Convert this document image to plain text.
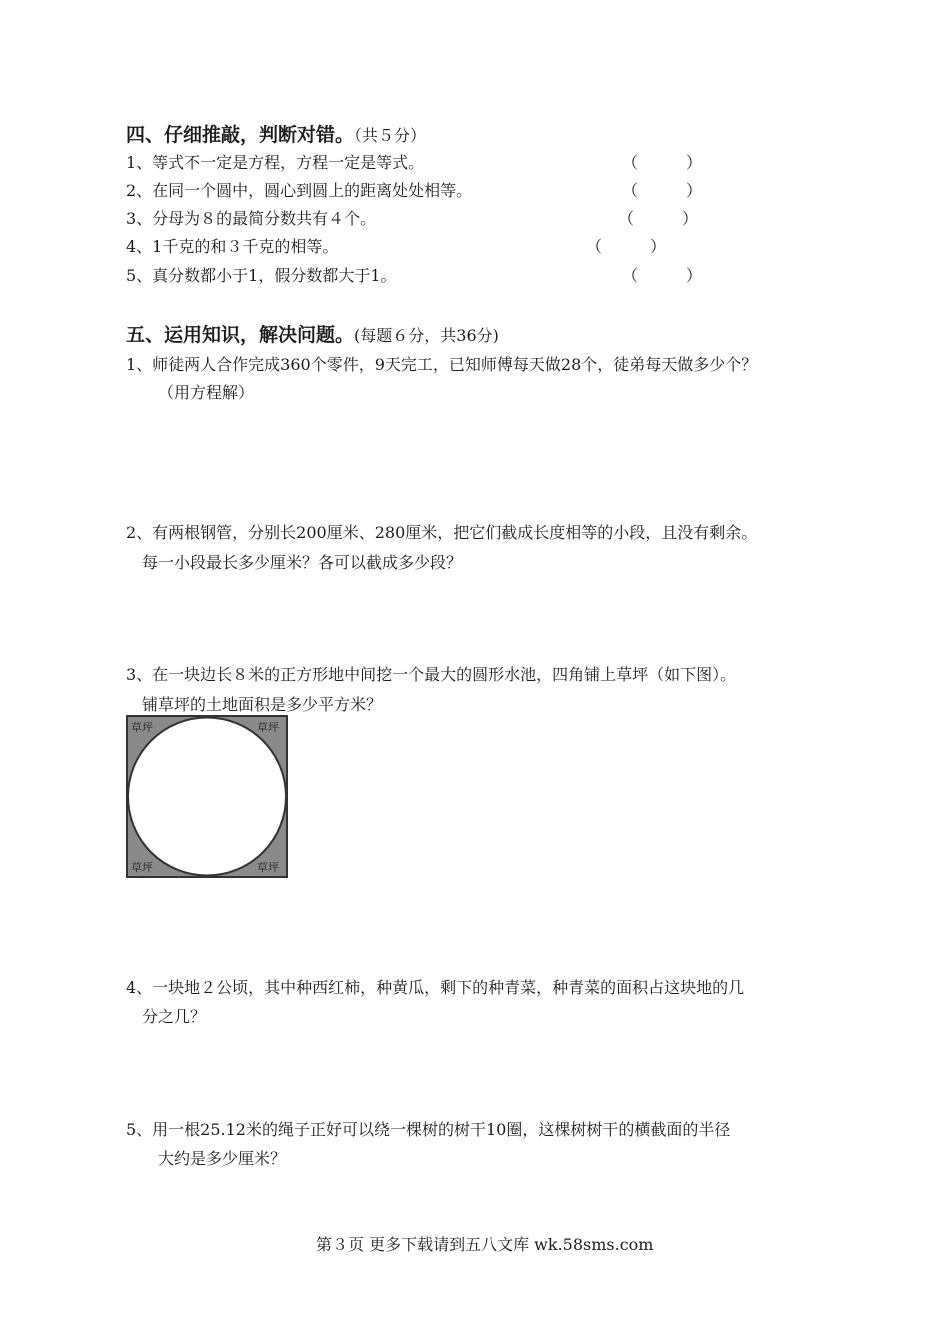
四、仔细推敲，判断对错。（共５分）
1、等式不一定是方程，方程一定是等式。	（　　　）
2、在同一个圆中，圆心到圆上的距离处处相等。	（　　　）
3、分母为８的最简分数共有４个。	（　　　）
4、1千克的和３千克的相等。	（　　　）
5、真分数都小于1，假分数都大于1。	（　　　）
五、运用知识，解决问题。(每题６分，共36分)
1、师徒两人合作完成360个零件，9天完工，已知师傅每天做28个，徒弟每天做多少个？
（用方程解）
2、有两根钢管，分别长200厘米、280厘米，把它们截成长度相等的小段，且没有剩余。
每一小段最长多少厘米？各可以截成多少段？
3、在一块边长８米的正方形地中间挖一个最大的圆形水池，四角铺上草坪（如下图）。
铺草坪的土地面积是多少平方米？
草坪	草坪
草坪	草坪
4、一块地２公顷，其中种西红柿，种黄瓜，剩下的种青菜，种青菜的面积占这块地的几
分之几？
5、用一根25.12米的绳子正好可以绕一棵树的树干10圈，这棵树树干的横截面的半径
大约是多少厘米？
第３页 更多下载请到五八文库 wk.58sms.com
